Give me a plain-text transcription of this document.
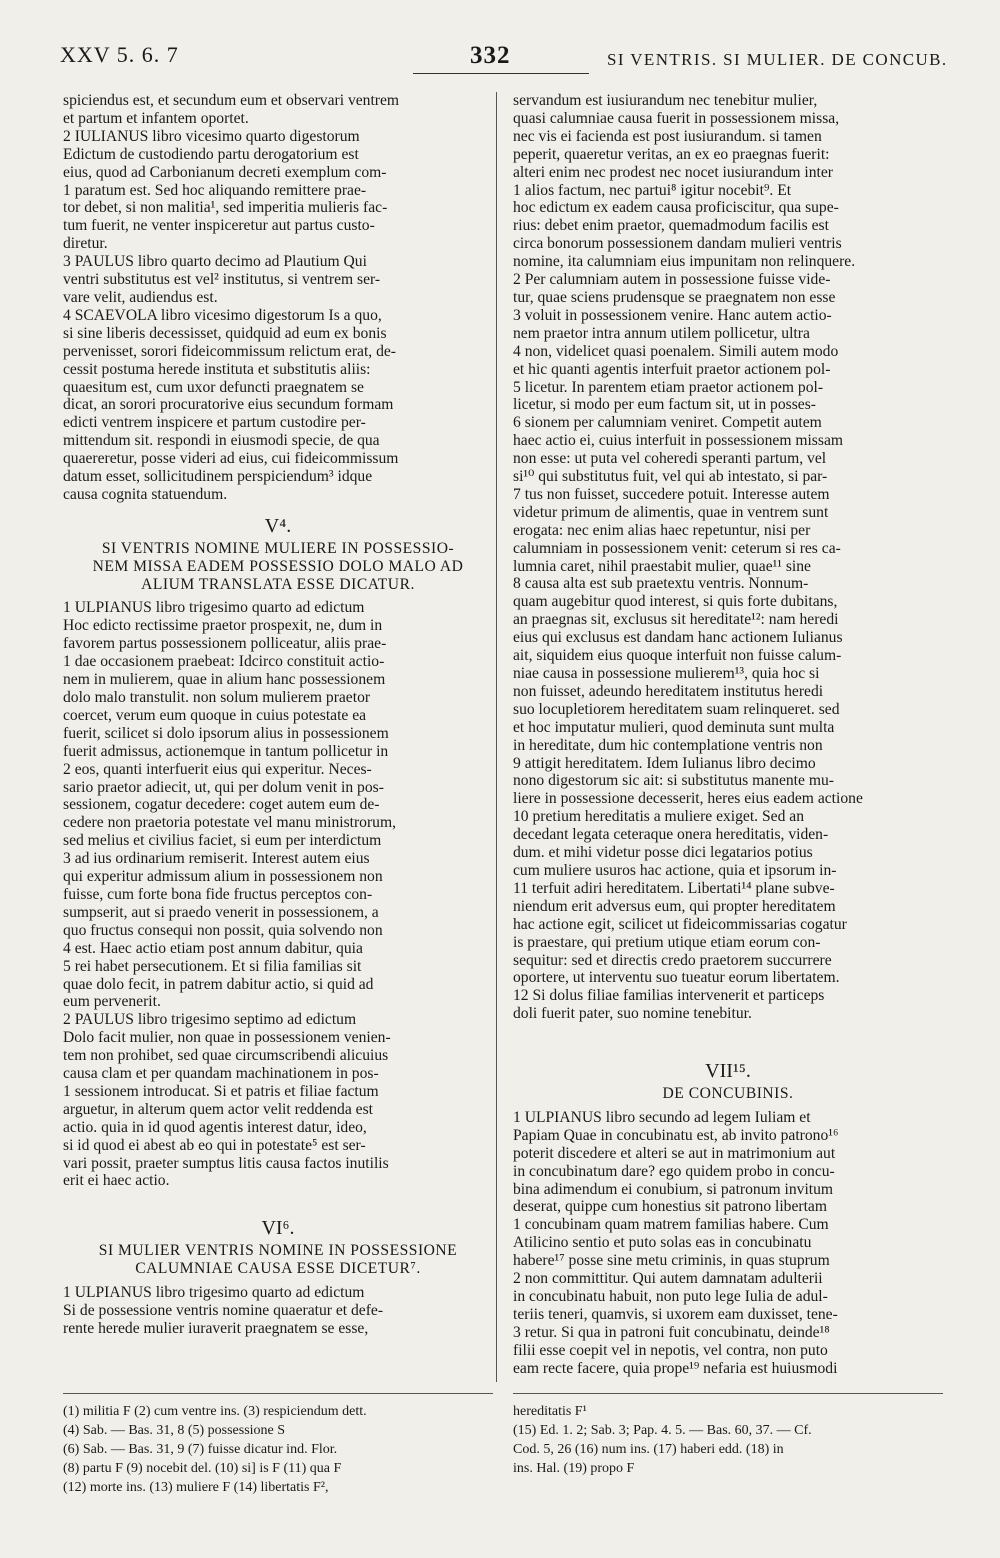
XXV 5. 6. 7	332	SI VENTRIS. SI MULIER. DE CONCUB.
spiciendus est, et secundum eum et observari ventrem
et partum et infantem oportet.
2 IULIANUS libro vicesimo quarto digestorum
Edictum de custodiendo partu derogatorium est
eius, quod ad Carbonianum decreti exemplum com-
1 paratum est. Sed hoc aliquando remittere prae-
tor debet, si non malitia¹, sed imperitia mulieris fac-
tum fuerit, ne venter inspiceretur aut partus custo-
diretur.
3 PAULUS libro quarto decimo ad Plautium Qui
ventri substitutus est vel² institutus, si ventrem ser-
vare velit, audiendus est.
4 SCAEVOLA libro vicesimo digestorum Is a quo,
si sine liberis decessisset, quidquid ad eum ex bonis
pervenisset, sorori fideicommissum relictum erat, de-
cessit postuma herede instituta et substitutis aliis:
quaesitum est, cum uxor defuncti praegnatem se
dicat, an sorori procuratorive eius secundum formam
edicti ventrem inspicere et partum custodire per-
mittendum sit. respondi in eiusmodi specie, de qua
quaereretur, posse videri ad eius, cui fideicommissum
datum esset, sollicitudinem perspiciendum³ idque
causa cognita statuendum.
V⁴.
SI VENTRIS NOMINE MULIERE IN POSSESSIO-
NEM MISSA EADEM POSSESSIO DOLO MALO AD
ALIUM TRANSLATA ESSE DICATUR.
1 ULPIANUS libro trigesimo quarto ad edictum
Hoc edicto rectissime praetor prospexit, ne, dum in
favorem partus possessionem polliceatur, aliis prae-
1 dae occasionem praebeat: Idcirco constituit actio-
nem in mulierem, quae in alium hanc possessionem
dolo malo transtulit. non solum mulierem praetor
coercet, verum eum quoque in cuius potestate ea
fuerit, scilicet si dolo ipsorum alius in possessionem
fuerit admissus, actionemque in tantum pollicetur in
2 eos, quanti interfuerit eius qui experitur. Neces-
sario praetor adiecit, ut, qui per dolum venit in pos-
sessionem, cogatur decedere: coget autem eum de-
cedere non praetoria potestate vel manu ministrorum,
sed melius et civilius faciet, si eum per interdictum
3 ad ius ordinarium remiserit. Interest autem eius
qui experitur admissum alium in possessionem non
fuisse, cum forte bona fide fructus perceptos con-
sumpserit, aut si praedo venerit in possessionem, a
quo fructus consequi non possit, quia solvendo non
4 est. Haec actio etiam post annum dabitur, quia
5 rei habet persecutionem. Et si filia familias sit
quae dolo fecit, in patrem dabitur actio, si quid ad
eum pervenerit.
2 PAULUS libro trigesimo septimo ad edictum
Dolo facit mulier, non quae in possessionem venien-
tem non prohibet, sed quae circumscribendi alicuius
causa clam et per quandam machinationem in pos-
1 sessionem introducat. Si et patris et filiae factum
arguetur, in alterum quem actor velit reddenda est
actio. quia in id quod agentis interest datur, ideo,
si id quod ei abest ab eo qui in potestate⁵ est ser-
vari possit, praeter sumptus litis causa factos inutilis
erit ei haec actio.
VI⁶.
SI MULIER VENTRIS NOMINE IN POSSESSIONE
CALUMNIAE CAUSA ESSE DICETUR⁷.
1 ULPIANUS libro trigesimo quarto ad edictum
Si de possessione ventris nomine quaeratur et defe-
rente herede mulier iuraverit praegnatem se esse,
servandum est iusiurandum nec tenebitur mulier,
quasi calumniae causa fuerit in possessionem missa,
nec vis ei facienda est post iusiurandum. si tamen
peperit, quaeretur veritas, an ex eo praegnas fuerit:
alteri enim nec prodest nec nocet iusiurandum inter
1 alios factum, nec partui⁸ igitur nocebit⁹. Et
hoc edictum ex eadem causa proficiscitur, qua supe-
rius: debet enim praetor, quemadmodum facilis est
circa bonorum possessionem dandam mulieri ventris
nomine, ita calumniam eius impunitam non relinquere.
2 Per calumniam autem in possessione fuisse vide-
tur, quae sciens prudensque se praegnatem non esse
3 voluit in possessionem venire. Hanc autem actio-
nem praetor intra annum utilem pollicetur, ultra
4 non, videlicet quasi poenalem. Simili autem modo
et hic quanti agentis interfuit praetor actionem pol-
5 licetur. In parentem etiam praetor actionem pol-
licetur, si modo per eum factum sit, ut in posses-
6 sionem per calumniam veniret. Competit autem
haec actio ei, cuius interfuit in possessionem missam
non esse: ut puta vel coheredi speranti partum, vel
si¹⁰ qui substitutus fuit, vel qui ab intestato, si par-
7 tus non fuisset, succedere potuit. Interesse autem
videtur primum de alimentis, quae in ventrem sunt
erogata: nec enim alias haec repetuntur, nisi per
calumniam in possessionem venit: ceterum si res ca-
lumnia caret, nihil praestabit mulier, quae¹¹ sine
8 causa alta est sub praetextu ventris. Nonnum-
quam augebitur quod interest, si quis forte dubitans,
an praegnas sit, exclusus sit hereditate¹²: nam heredi
eius qui exclusus est dandam hanc actionem Iulianus
ait, siquidem eius quoque interfuit non fuisse calum-
niae causa in possessione mulierem¹³, quia hoc si
non fuisset, adeundo hereditatem institutus heredi
suo locupletiorem hereditatem suam relinqueret. sed
et hoc imputatur mulieri, quod deminuta sunt multa
in hereditate, dum hic contemplatione ventris non
9 attigit hereditatem. Idem Iulianus libro decimo
nono digestorum sic ait: si substitutus manente mu-
liere in possessione decesserit, heres eius eadem actione
10 pretium hereditatis a muliere exiget. Sed an
decedant legata ceteraque onera hereditatis, viden-
dum. et mihi videtur posse dici legatarios potius
cum muliere usuros hac actione, quia et ipsorum in-
11 terfuit adiri hereditatem. Libertati¹⁴ plane subve-
niendum erit adversus eum, qui propter hereditatem
hac actione egit, scilicet ut fideicommissarias cogatur
is praestare, qui pretium utique etiam eorum con-
sequitur: sed et directis credo praetorem succurrere
oportere, ut interventu suo tueatur eorum libertatem.
12 Si dolus filiae familias intervenerit et particeps
doli fuerit pater, suo nomine tenebitur.
VII¹⁵.
DE CONCUBINIS.
1 ULPIANUS libro secundo ad legem Iuliam et
Papiam Quae in concubinatu est, ab invito patrono¹⁶
poterit discedere et alteri se aut in matrimonium aut
in concubinatum dare? ego quidem probo in concu-
bina adimendum ei conubium, si patronum invitum
deserat, quippe cum honestius sit patrono libertam
1 concubinam quam matrem familias habere. Cum
Atilicino sentio et puto solas eas in concubinatu
habere¹⁷ posse sine metu criminis, in quas stuprum
2 non committitur. Qui autem damnatam adulterii
in concubinatu habuit, non puto lege Iulia de adul-
teriis teneri, quamvis, si uxorem eam duxisset, tene-
3 retur. Si qua in patroni fuit concubinatu, deinde¹⁸
filii esse coepit vel in nepotis, vel contra, non puto
eam recte facere, quia prope¹⁹ nefaria est huiusmodi
(1) militia F (2) cum ventre ins. (3) respiciendum dett.
(4) Sab. — Bas. 31, 8 (5) possessione S
(6) Sab. — Bas. 31, 9 (7) fuisse dicatur ind. Flor.
(8) partu F (9) nocebit del. (10) si] is F (11) qua F
(12) morte ins. (13) muliere F (14) libertatis F²,
hereditatis F¹
(15) Ed. 1. 2; Sab. 3; Pap. 4. 5. — Bas. 60, 37. — Cf.
Cod. 5, 26 (16) num ins. (17) haberi edd. (18) in
ins. Hal. (19) propo F
